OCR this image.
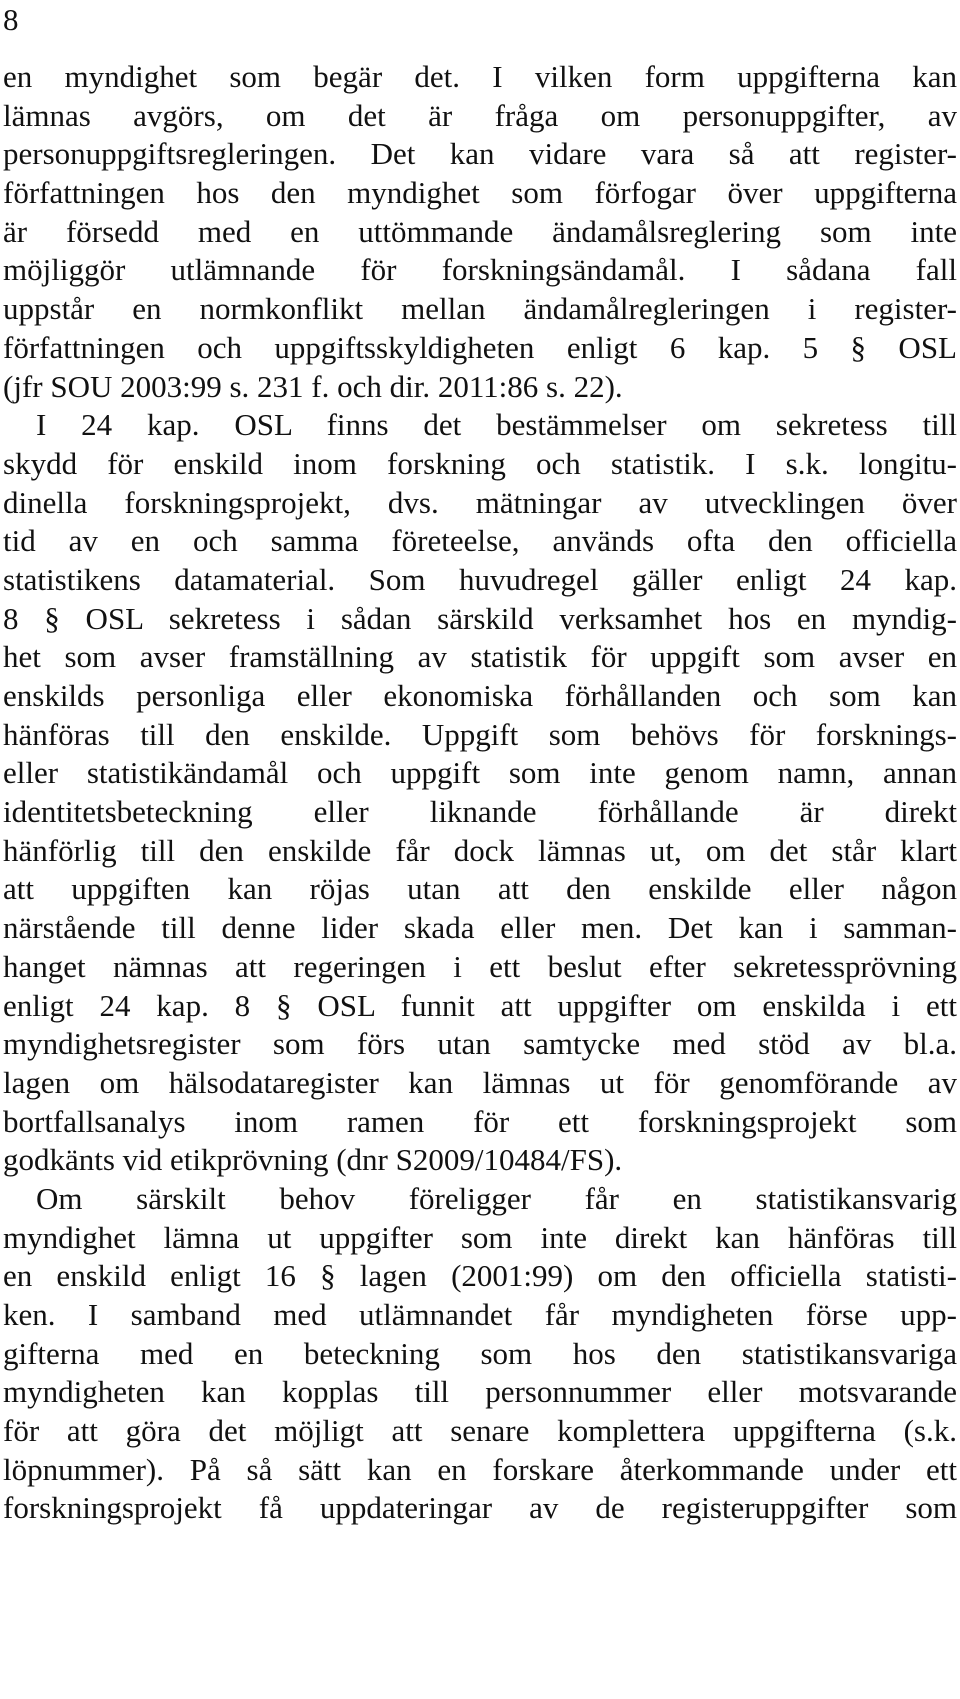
8
en myndighet som begär det. I vilken form uppgifterna kan
lämnas avgörs, om det är fråga om personuppgifter, av
personuppgiftsregleringen. Det kan vidare vara så att register-
författningen hos den myndighet som förfogar över uppgifterna
är försedd med en uttömmande ändamålsreglering som inte
möjliggör utlämnande för forskningsändamål. I sådana fall
uppstår en normkonflikt mellan ändamålregleringen i register-
författningen och uppgiftsskyldigheten enligt 6 kap. 5 § OSL
(jfr SOU 2003:99 s. 231 f. och dir. 2011:86 s. 22).
I 24 kap. OSL finns det bestämmelser om sekretess till
skydd för enskild inom forskning och statistik. I s.k. longitu-
dinella forskningsprojekt, dvs. mätningar av utvecklingen över
tid av en och samma företeelse, används ofta den officiella
statistikens datamaterial. Som huvudregel gäller enligt 24 kap.
8 § OSL sekretess i sådan särskild verksamhet hos en myndig-
het som avser framställning av statistik för uppgift som avser en
enskilds personliga eller ekonomiska förhållanden och som kan
hänföras till den enskilde. Uppgift som behövs för forsknings-
eller statistikändamål och uppgift som inte genom namn, annan
identitetsbeteckning eller liknande förhållande är direkt
hänförlig till den enskilde får dock lämnas ut, om det står klart
att uppgiften kan röjas utan att den enskilde eller någon
närstående till denne lider skada eller men. Det kan i samman-
hanget nämnas att regeringen i ett beslut efter sekretessprövning
enligt 24 kap. 8 § OSL funnit att uppgifter om enskilda i ett
myndighetsregister som förs utan samtycke med stöd av bl.a.
lagen om hälsodataregister kan lämnas ut för genomförande av
bortfallsanalys inom ramen för ett forskningsprojekt som
godkänts vid etikprövning (dnr S2009/10484/FS).
Om särskilt behov föreligger får en statistikansvarig
myndighet lämna ut uppgifter som inte direkt kan hänföras till
en enskild enligt 16 § lagen (2001:99) om den officiella statisti-
ken. I samband med utlämnandet får myndigheten förse upp-
gifterna med en beteckning som hos den statistikansvariga
myndigheten kan kopplas till personnummer eller motsvarande
för att göra det möjligt att senare komplettera uppgifterna (s.k.
löpnummer). På så sätt kan en forskare återkommande under ett
forskningsprojekt få uppdateringar av de registeruppgifter som
